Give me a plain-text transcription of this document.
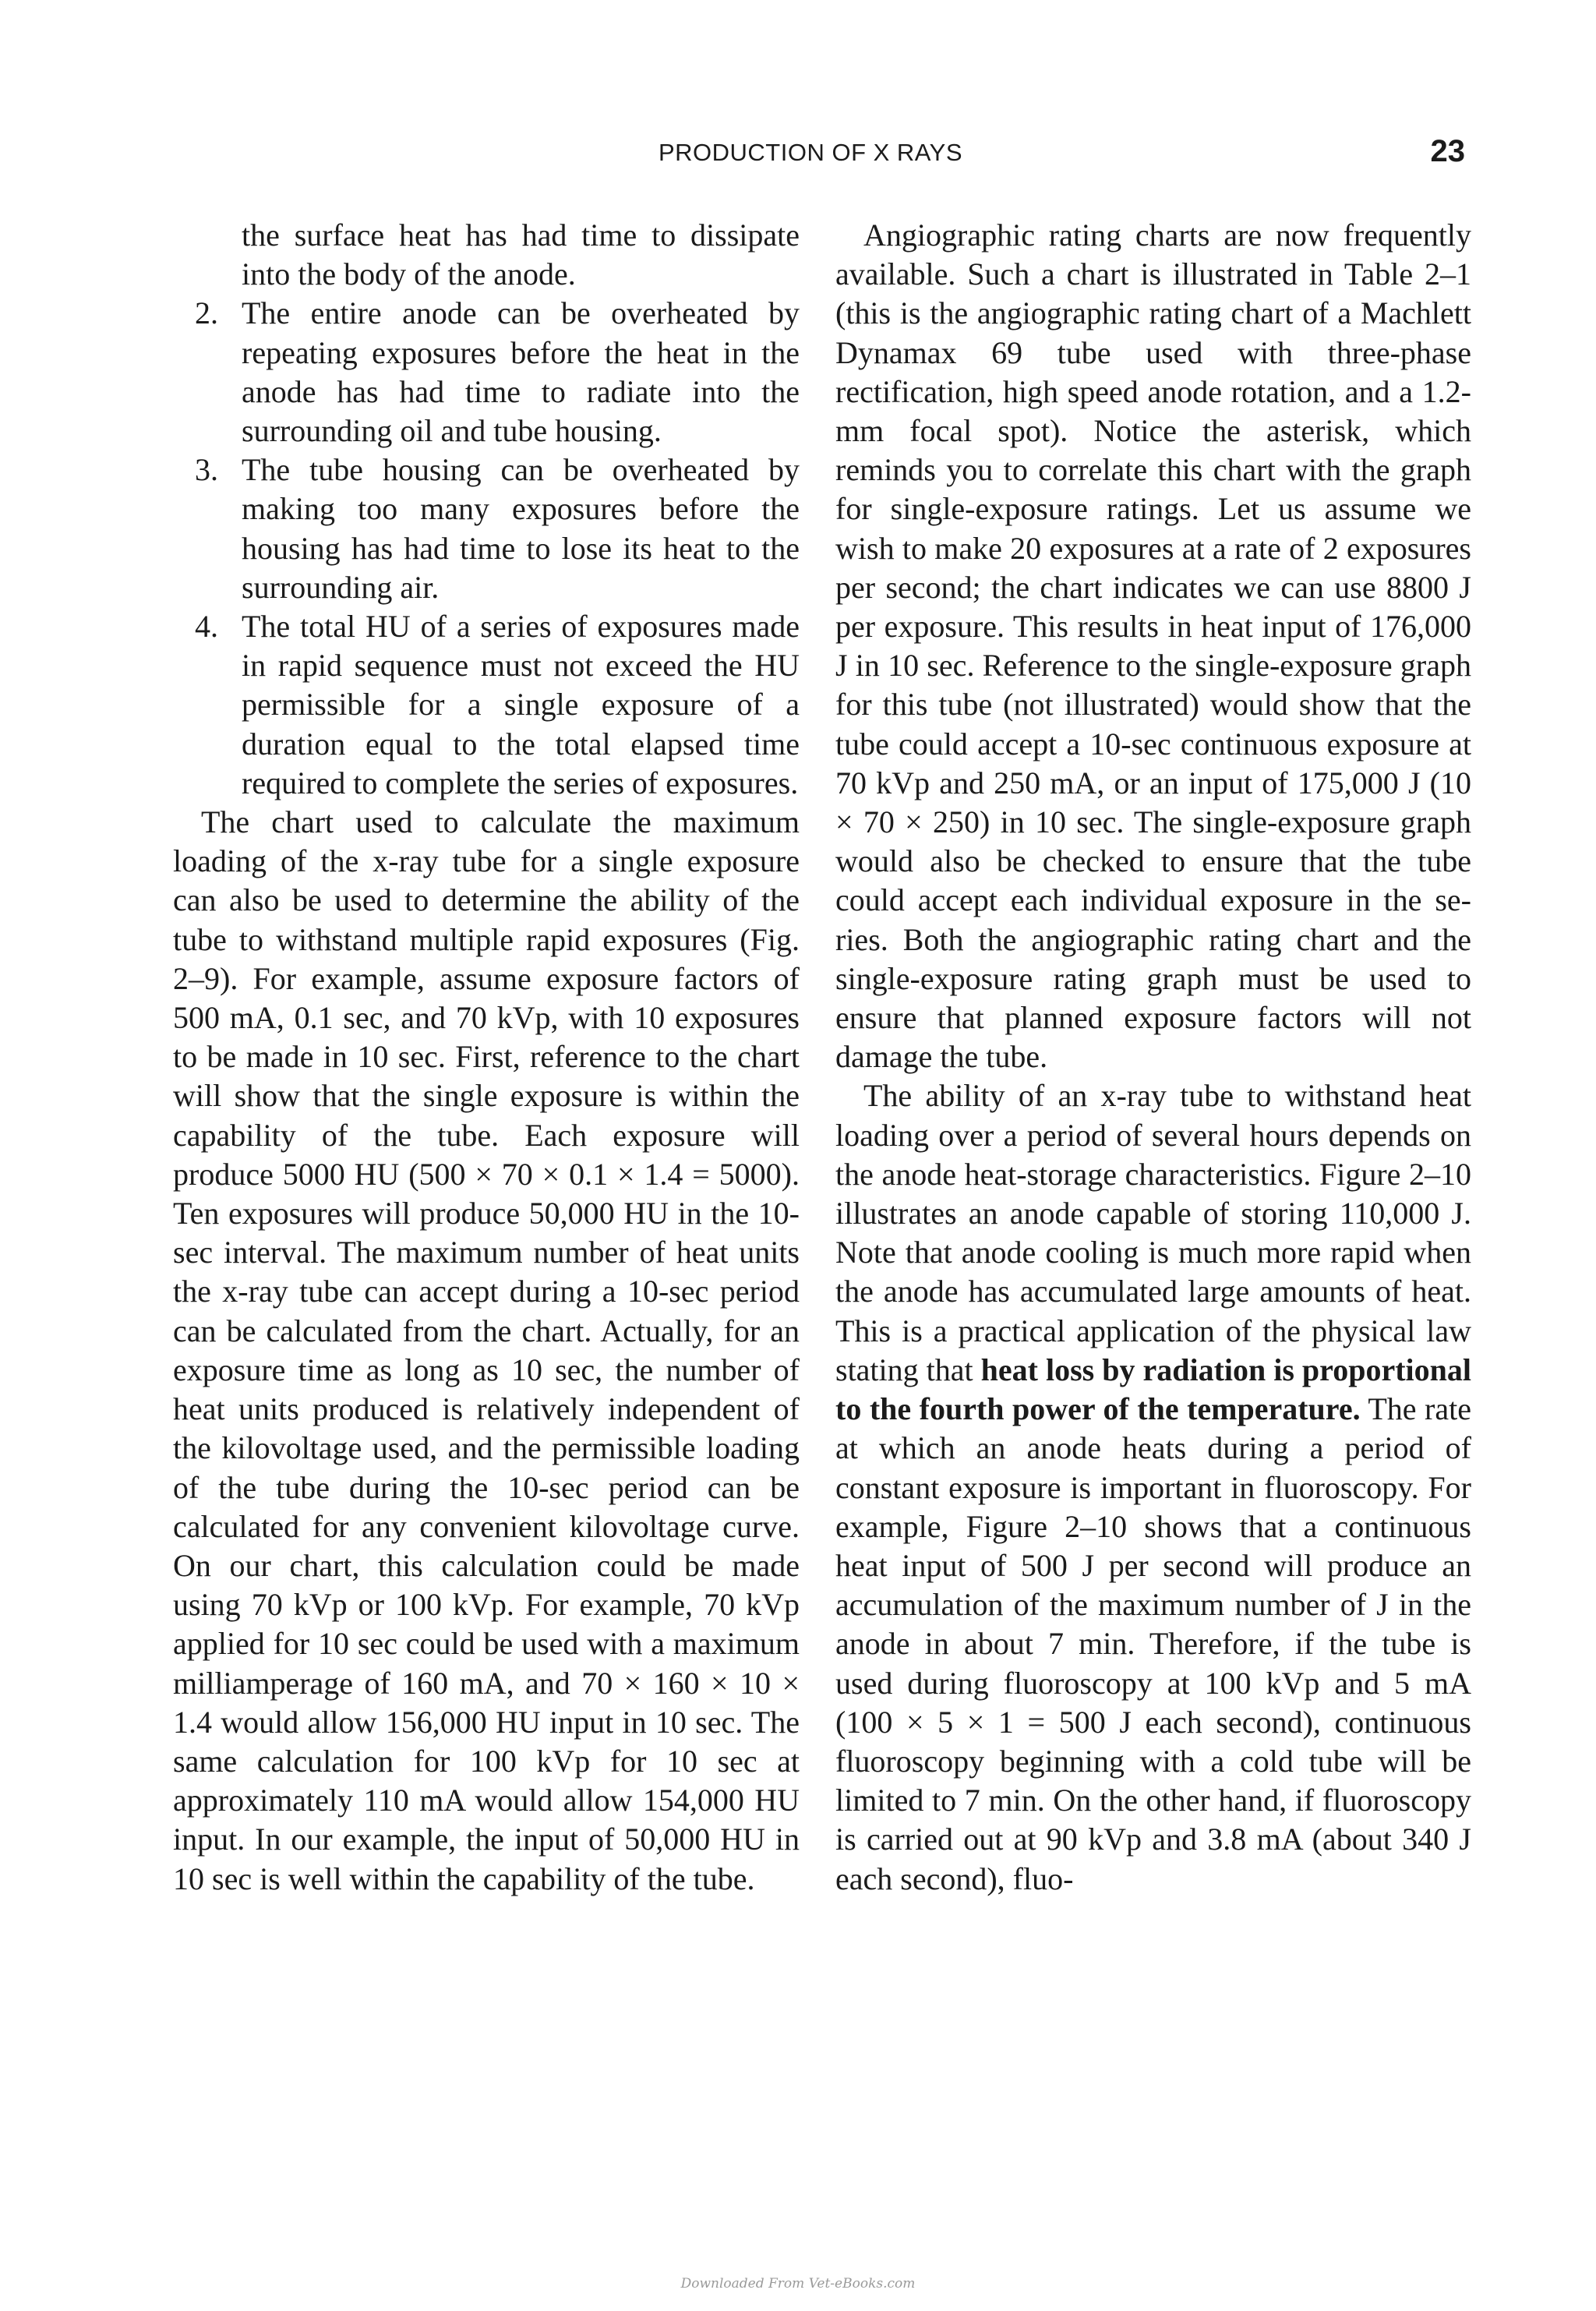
PRODUCTION OF X RAYS	23

the surface heat has had time to dissipate into the body of the anode.

2. The entire anode can be overheated by repeating exposures before the heat in the anode has had time to radiate into the surrounding oil and tube housing.
3. The tube housing can be overheated by making too many exposures before the housing has had time to lose its heat to the surrounding air.
4. The total HU of a series of exposures made in rapid sequence must not exceed the HU permissible for a single exposure of a duration equal to the total elapsed time required to complete the series of exposures.

The chart used to calculate the maximum loading of the x-ray tube for a single exposure can also be used to determine the ability of the tube to withstand multiple rapid exposures (Fig. 2–9). For example, assume exposure factors of 500 mA, 0.1 sec, and 70 kVp, with 10 exposures to be made in 10 sec. First, reference to the chart will show that the single exposure is within the capability of the tube. Each exposure will produce 5000 HU (500 × 70 × 0.1 × 1.4 = 5000). Ten exposures will produce 50,000 HU in the 10-sec interval. The maximum number of heat units the x-ray tube can accept during a 10-sec period can be calculated from the chart. Actually, for an exposure time as long as 10 sec, the number of heat units produced is relatively independent of the kilovoltage used, and the permissible loading of the tube during the 10-sec period can be calculated for any convenient kilovoltage curve. On our chart, this calculation could be made using 70 kVp or 100 kVp. For example, 70 kVp applied for 10 sec could be used with a maximum milliamperage of 160 mA, and 70 × 160 × 10 × 1.4 would allow 156,000 HU input in 10 sec. The same calculation for 100 kVp for 10 sec at approximately 110 mA would allow 154,000 HU input. In our example, the input of 50,000 HU in 10 sec is well within the capability of the tube.

Angiographic rating charts are now frequently available. Such a chart is illustrated in Table 2–1 (this is the angiographic rating chart of a Machlett Dynamax 69 tube used with three-phase rectification, high speed anode rotation, and a 1.2-mm focal spot). Notice the asterisk, which reminds you to correlate this chart with the graph for single-exposure ratings. Let us assume we wish to make 20 exposures at a rate of 2 exposures per second; the chart indicates we can use 8800 J per exposure. This results in heat input of 176,000 J in 10 sec. Reference to the single-exposure graph for this tube (not illustrated) would show that the tube could accept a 10-sec continuous exposure at 70 kVp and 250 mA, or an input of 175,000 J (10 × 70 × 250) in 10 sec. The single-exposure graph would also be checked to ensure that the tube could accept each individual exposure in the series. Both the angiographic rating chart and the single-exposure rating graph must be used to ensure that planned exposure factors will not damage the tube.

The ability of an x-ray tube to withstand heat loading over a period of several hours depends on the anode heat-storage characteristics. Figure 2–10 illustrates an anode capable of storing 110,000 J. Note that anode cooling is much more rapid when the anode has accumulated large amounts of heat. This is a practical application of the physical law stating that heat loss by radiation is proportional to the fourth power of the temperature. The rate at which an anode heats during a period of constant exposure is important in fluoroscopy. For example, Figure 2–10 shows that a continuous heat input of 500 J per second will produce an accumulation of the maximum number of J in the anode in about 7 min. Therefore, if the tube is used during fluoroscopy at 100 kVp and 5 mA (100 × 5 × 1 = 500 J each second), continuous fluoroscopy beginning with a cold tube will be limited to 7 min. On the other hand, if fluoroscopy is carried out at 90 kVp and 3.8 mA (about 340 J each second), fluo-

Downloaded From Vet-eBooks.com
